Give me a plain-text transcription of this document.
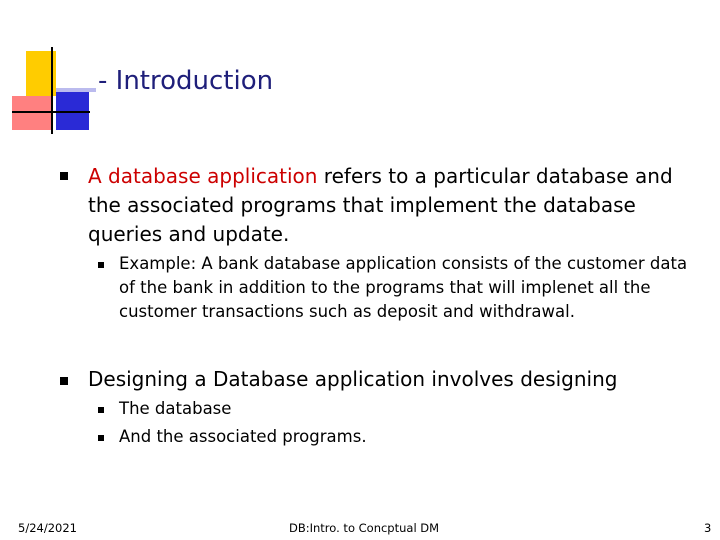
- Introduction
A database application refers to a particular database and the associated programs that implement the database queries and update.
Example: A bank database application consists of the customer data of the bank in addition to the programs that will implenet all the customer transactions such as deposit and withdrawal.
Designing a Database application involves designing
The database
And the associated programs.
5/24/2021	DB:Intro. to Concptual DM	3
